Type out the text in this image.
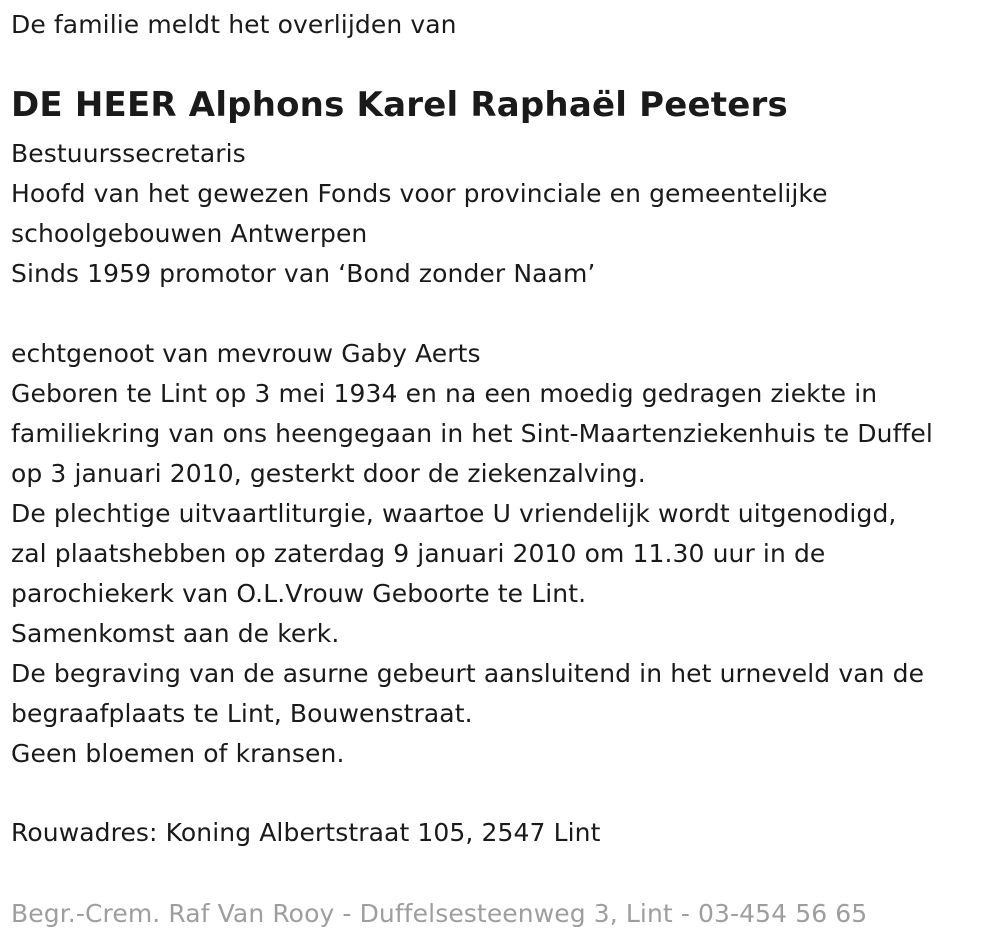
De familie meldt het overlijden van
DE HEER Alphons Karel Raphaël Peeters
Bestuurssecretaris
Hoofd van het gewezen Fonds voor provinciale en gemeentelijke
schoolgebouwen Antwerpen
Sinds 1959 promotor van ‘Bond zonder Naam’
echtgenoot van mevrouw Gaby Aerts
Geboren te Lint op 3 mei 1934 en na een moedig gedragen ziekte in
familiekring van ons heengegaan in het Sint-Maartenziekenhuis te Duffel
op 3 januari 2010, gesterkt door de ziekenzalving.
De plechtige uitvaartliturgie, waartoe U vriendelijk wordt uitgenodigd,
zal plaatshebben op zaterdag 9 januari 2010 om 11.30 uur in de
parochiekerk van O.L.Vrouw Geboorte te Lint.
Samenkomst aan de kerk.
De begraving van de asurne gebeurt aansluitend in het urneveld van de
begraafplaats te Lint, Bouwenstraat.
Geen bloemen of kransen.
Rouwadres: Koning Albertstraat 105, 2547 Lint
Begr.-Crem. Raf Van Rooy - Duffelsesteenweg 3, Lint - 03-454 56 65
